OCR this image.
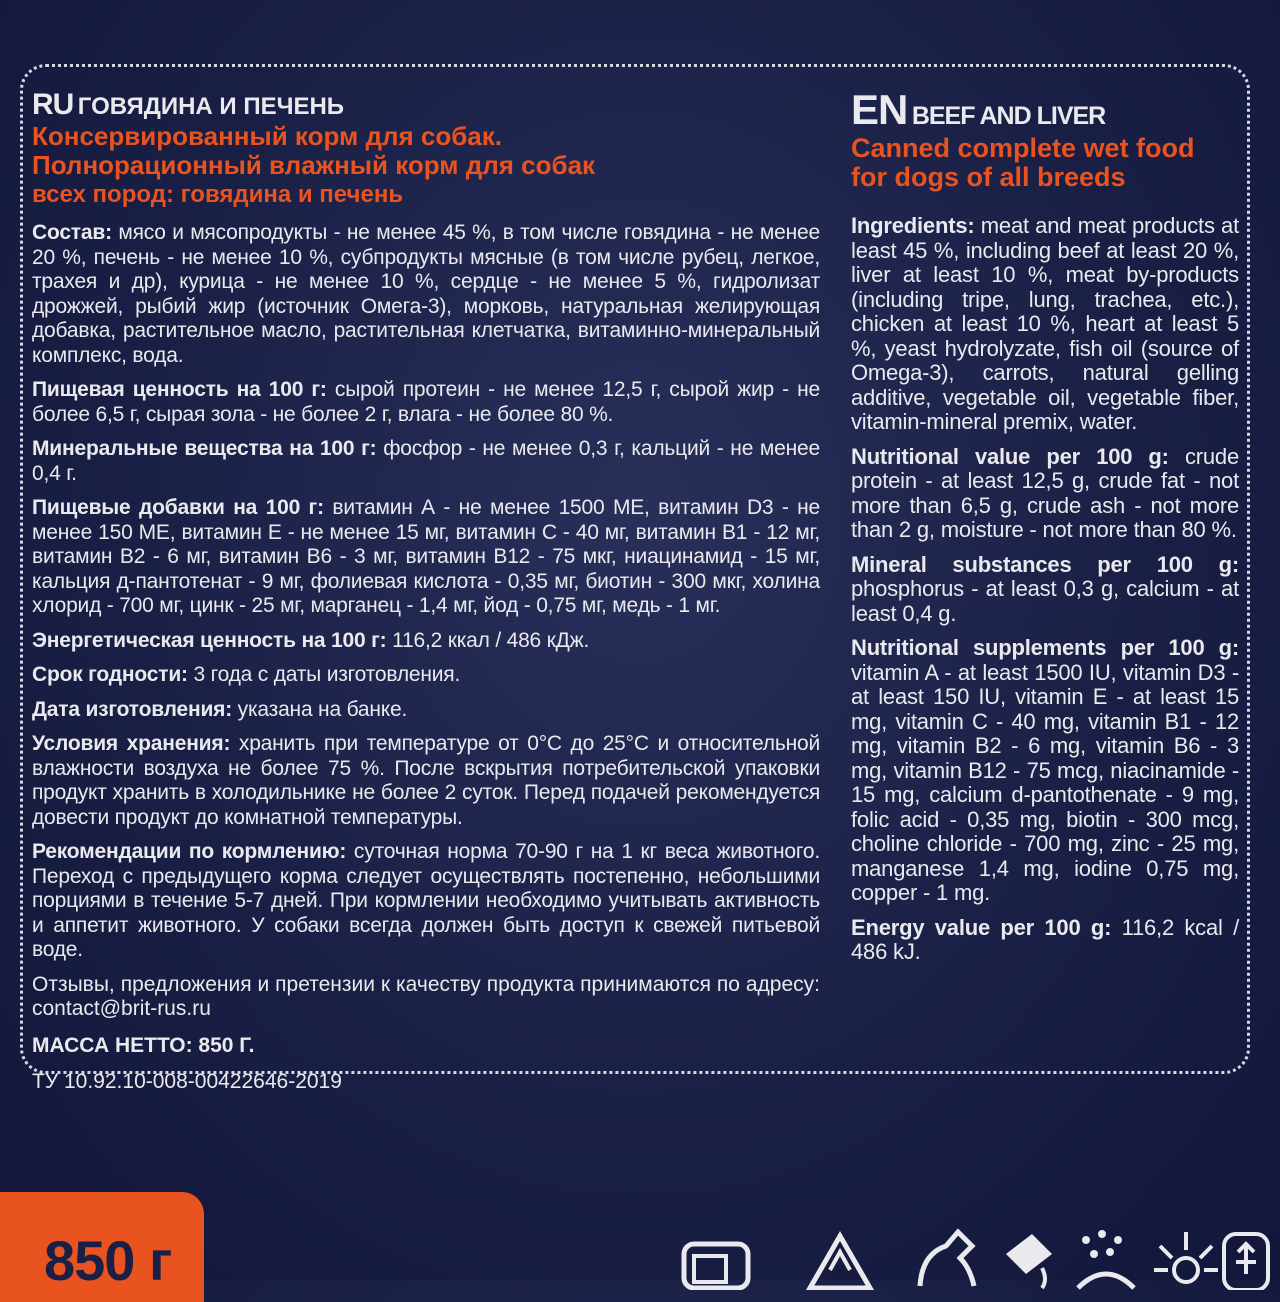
RU ГОВЯДИНА И ПЕЧЕНЬ
Консервированный корм для собак.
Полнорационный влажный корм для собак
всех пород: говядина и печень

Состав: мясо и мясопродукты - не менее 45 %, в том числе говядина - не менее 20 %, печень - не менее 10 %, субпродукты мясные (в том числе рубец, легкое, трахея и др), курица - не менее 10 %, сердце - не менее 5 %, гидролизат дрожжей, рыбий жир (источник Омега-3), морковь, натуральная желирующая добавка, растительное масло, растительная клетчатка, витаминно-минеральный комплекс, вода.

Пищевая ценность на 100 г: сырой протеин - не менее 12,5 г, сырой жир - не более 6,5 г, сырая зола - не более 2 г, влага - не более 80 %.

Минеральные вещества на 100 г: фосфор - не менее 0,3 г, кальций - не менее 0,4 г.

Пищевые добавки на 100 г: витамин А - не менее 1500 МЕ, витамин D3 - не менее 150 МЕ, витамин Е - не менее 15 мг, витамин С - 40 мг, витамин В1 - 12 мг, витамин В2 - 6 мг, витамин В6 - 3 мг, витамин В12 - 75 мкг, ниацинамид - 15 мг, кальция д-пантотенат - 9 мг, фолиевая кислота - 0,35 мг, биотин - 300 мкг, холина хлорид - 700 мг, цинк - 25 мг, марганец - 1,4 мг, йод - 0,75 мг, медь - 1 мг.

Энергетическая ценность на 100 г: 116,2 ккал / 486 кДж.

Срок годности: 3 года с даты изготовления.

Дата изготовления: указана на банке.

Условия хранения: хранить при температуре от 0°С до 25°С и относительной влажности воздуха не более 75 %. После вскрытия потребительской упаковки продукт хранить в холодильнике не более 2 суток. Перед подачей рекомендуется довести продукт до комнатной температуры.

Рекомендации по кормлению: суточная норма 70-90 г на 1 кг веса животного. Переход с предыдущего корма следует осуществлять постепенно, небольшими порциями в течение 5-7 дней. При кормлении необходимо учитывать активность и аппетит животного. У собаки всегда должен быть доступ к свежей питьевой воде.

Отзывы, предложения и претензии к качеству продукта принимаются по адресу: contact@brit-rus.ru

МАССА НЕТТО: 850 Г.

ТУ 10.92.10-008-00422646-2019

EN BEEF AND LIVER
Canned complete wet food
for dogs of all breeds

Ingredients: meat and meat products at least 45 %, including beef at least 20 %, liver at least 10 %, meat by-products (including tripe, lung, trachea, etc.), chicken at least 10 %, heart at least 5 %, yeast hydrolyzate, fish oil (source of Omega-3), carrots, natural gelling additive, vegetable oil, vegetable fiber, vitamin-mineral premix, water.

Nutritional value per 100 g: crude protein - at least 12,5 g, crude fat - not more than 6,5 g, crude ash - not more than 2 g, moisture - not more than 80 %.

Mineral substances per 100 g: phosphorus - at least 0,3 g, calcium - at least 0,4 g.

Nutritional supplements per 100 g: vitamin A - at least 1500 IU, vitamin D3 - at least 150 IU, vitamin E - at least 15 mg, vitamin C - 40 mg, vitamin B1 - 12 mg, vitamin B2 - 6 mg, vitamin B6 - 3 mg, vitamin B12 - 75 mcg, niacinamide - 15 mg, calcium d-pantothenate - 9 mg, folic acid - 0,35 mg, biotin - 300 mcg, choline chloride - 700 mg, zinc - 25 mg, manganese 1,4 mg, iodine 0,75 mg, copper - 1 mg.

Energy value per 100 g: 116,2 kcal / 486 kJ.

850 г
